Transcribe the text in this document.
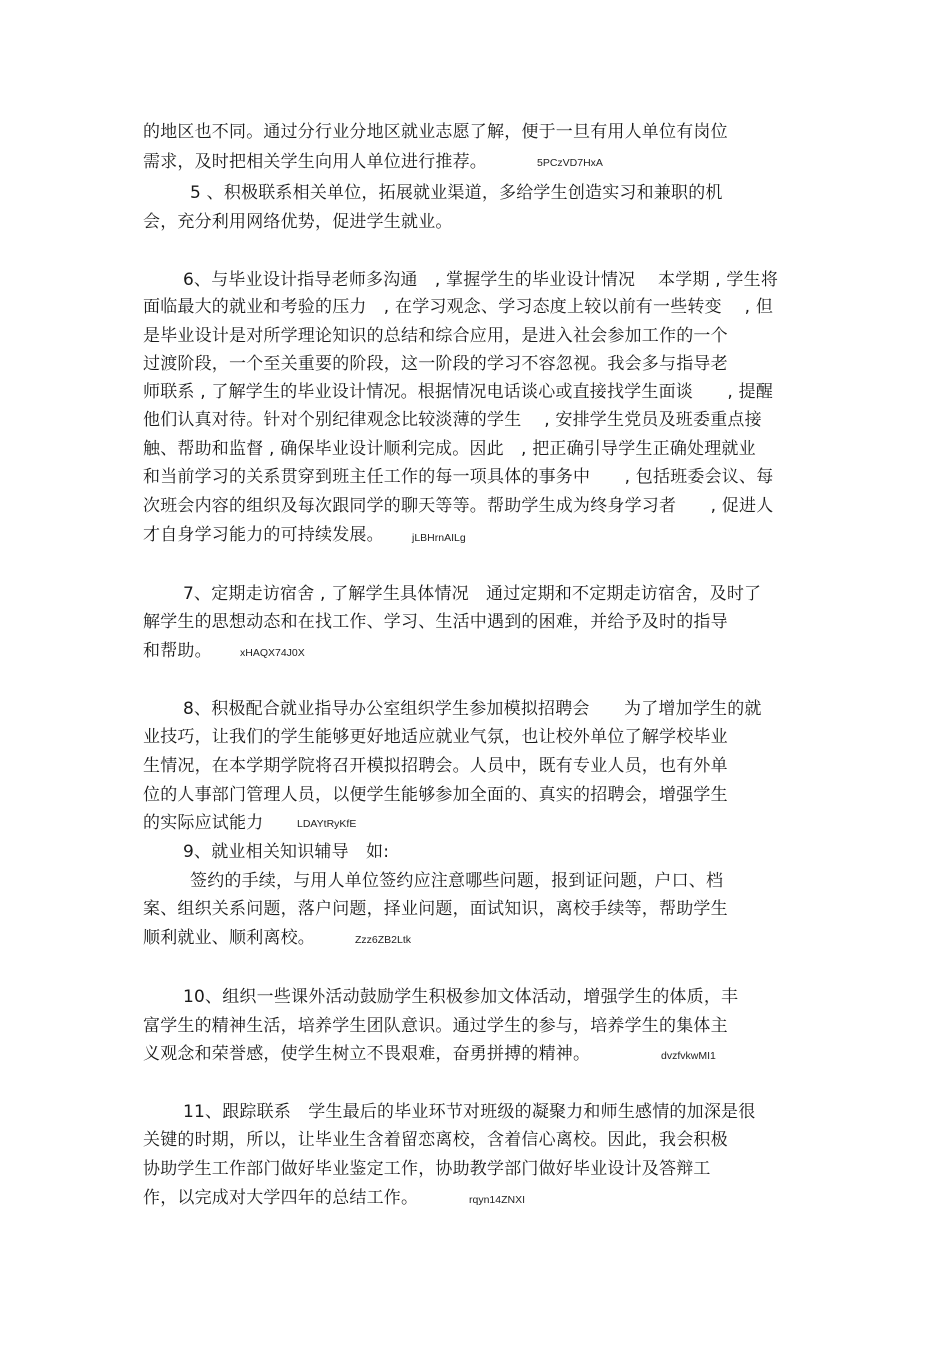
的地区也不同。通过分行业分地区就业志愿了解，便于一旦有用人单位有岗位
需求，及时把相关学生向用人单位进行推荐。	5PCzVD7HxA
5 、积极联系相关单位，拓展就业渠道，多给学生创造实习和兼职的机
会，充分利用网络优势，促进学生就业。
6、与毕业设计指导老师多沟通　, 掌握学生的毕业设计情况　 本学期 , 学生将
面临最大的就业和考验的压力　, 在学习观念、学习态度上较以前有一些转变　 , 但
是毕业设计是对所学理论知识的总结和综合应用，是进入社会参加工作的一个
过渡阶段，一个至关重要的阶段，这一阶段的学习不容忽视。我会多与指导老
师联系 , 了解学生的毕业设计情况。根据情况电话谈心或直接找学生面谈　　, 提醒
他们认真对待。针对个别纪律观念比较淡薄的学生　 , 安排学生党员及班委重点接
触、帮助和监督 , 确保毕业设计顺利完成。因此　, 把正确引导学生正确处理就业
和当前学习的关系贯穿到班主任工作的每一项具体的事务中　　, 包括班委会议、每
次班会内容的组织及每次跟同学的聊天等等。帮助学生成为终身学习者　　, 促进人
才自身学习能力的可持续发展。	jLBHrnAILg
7、定期走访宿舍 , 了解学生具体情况　通过定期和不定期走访宿舍，及时了
解学生的思想动态和在找工作、学习、生活中遇到的困难，并给予及时的指导
和帮助。	xHAQX74J0X
8、积极配合就业指导办公室组织学生参加模拟招聘会　　为了增加学生的就
业技巧，让我们的学生能够更好地适应就业气氛，也让校外单位了解学校毕业
生情况，在本学期学院将召开模拟招聘会。人员中，既有专业人员，也有外单
位的人事部门管理人员，以便学生能够参加全面的、真实的招聘会，增强学生
的实际应试能力	LDAYtRyKfE
9、就业相关知识辅导　如:
签约的手续，与用人单位签约应注意哪些问题，报到证问题，户口、档
案、组织关系问题，落户问题，择业问题，面试知识，离校手续等，帮助学生
顺利就业、顺利离校。	Zzz6ZB2Ltk
10、组织一些课外活动鼓励学生积极参加文体活动，增强学生的体质，丰
富学生的精神生活，培养学生团队意识。通过学生的参与，培养学生的集体主
义观念和荣誉感，使学生树立不畏艰难，奋勇拼搏的精神。	dvzfvkwMI1
11、跟踪联系　学生最后的毕业环节对班级的凝聚力和师生感情的加深是很
关键的时期，所以，让毕业生含着留恋离校，含着信心离校。因此，我会积极
协助学生工作部门做好毕业鉴定工作，协助教学部门做好毕业设计及答辩工
作，以完成对大学四年的总结工作。	rqyn14ZNXI
